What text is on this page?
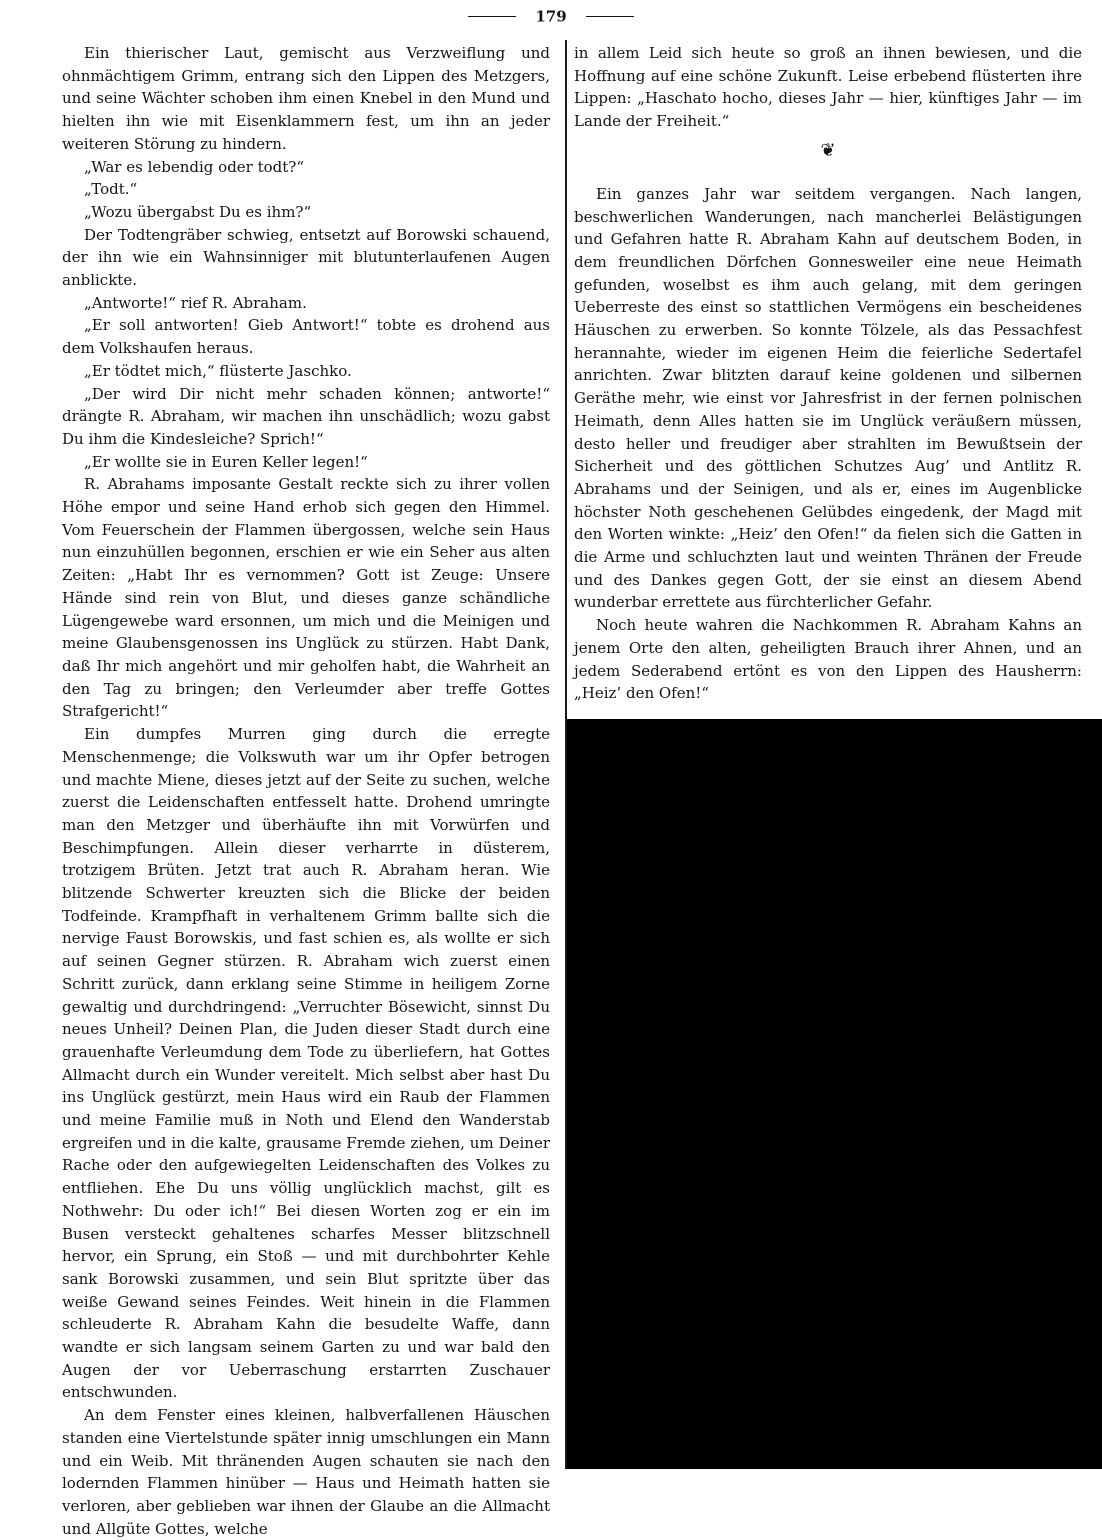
179

Ein thierischer Laut, gemischt aus Verzweiflung und ohnmächtigem Grimm, entrang sich den Lippen des Metzgers, und seine Wächter schoben ihm einen Knebel in den Mund und hielten ihn wie mit Eisenklammern fest, um ihn an jeder weiteren Störung zu hindern.

„War es lebendig oder todt?“

„Todt.“

„Wozu übergabst Du es ihm?“

Der Todtengräber schwieg, entsetzt auf Borowski schauend, der ihn wie ein Wahnsinniger mit blutunterlaufenen Augen anblickte.

„Antworte!“ rief R. Abraham.

„Er soll antworten! Gieb Antwort!“ tobte es drohend aus dem Volkshaufen heraus.

„Er tödtet mich,“ flüsterte Jaschko.

„Der wird Dir nicht mehr schaden können; antworte!“ drängte R. Abraham, wir machen ihn unschädlich; wozu gabst Du ihm die Kindesleiche? Sprich!“

„Er wollte sie in Euren Keller legen!“

R. Abrahams imposante Gestalt reckte sich zu ihrer vollen Höhe empor und seine Hand erhob sich gegen den Himmel. Vom Feuerschein der Flammen übergossen, welche sein Haus nun einzuhüllen begonnen, erschien er wie ein Seher aus alten Zeiten: „Habt Ihr es vernommen? Gott ist Zeuge: Unsere Hände sind rein von Blut, und dieses ganze schändliche Lügengewebe ward ersonnen, um mich und die Meinigen und meine Glaubensgenossen ins Unglück zu stürzen. Habt Dank, daß Ihr mich angehört und mir geholfen habt, die Wahrheit an den Tag zu bringen; den Verleumder aber treffe Gottes Strafgericht!“

Ein dumpfes Murren ging durch die erregte Menschenmenge; die Volkswuth war um ihr Opfer betrogen und machte Miene, dieses jetzt auf der Seite zu suchen, welche zuerst die Leidenschaften entfesselt hatte. Drohend umringte man den Metzger und überhäufte ihn mit Vorwürfen und Beschimpfungen. Allein dieser verharrte in düsterem, trotzigem Brüten. Jetzt trat auch R. Abraham heran. Wie blitzende Schwerter kreuzten sich die Blicke der beiden Todfeinde. Krampfhaft in verhaltenem Grimm ballte sich die nervige Faust Borowskis, und fast schien es, als wollte er sich auf seinen Gegner stürzen. R. Abraham wich zuerst einen Schritt zurück, dann erklang seine Stimme in heiligem Zorne gewaltig und durchdringend: „Verruchter Bösewicht, sinnst Du neues Unheil? Deinen Plan, die Juden dieser Stadt durch eine grauenhafte Verleumdung dem Tode zu überliefern, hat Gottes Allmacht durch ein Wunder vereitelt. Mich selbst aber hast Du ins Unglück gestürzt, mein Haus wird ein Raub der Flammen und meine Familie muß in Noth und Elend den Wanderstab ergreifen und in die kalte, grausame Fremde ziehen, um Deiner Rache oder den aufgewiegelten Leidenschaften des Volkes zu entfliehen. Ehe Du uns völlig unglücklich machst, gilt es Nothwehr: Du oder ich!“ Bei diesen Worten zog er ein im Busen versteckt gehaltenes scharfes Messer blitzschnell hervor, ein Sprung, ein Stoß — und mit durchbohrter Kehle sank Borowski zusammen, und sein Blut spritzte über das weiße Gewand seines Feindes. Weit hinein in die Flammen schleuderte R. Abraham Kahn die besudelte Waffe, dann wandte er sich langsam seinem Garten zu und war bald den Augen der vor Ueberraschung erstarrten Zuschauer entschwunden.

An dem Fenster eines kleinen, halbverfallenen Häuschen standen eine Viertelstunde später innig umschlungen ein Mann und ein Weib. Mit thränenden Augen schauten sie nach den lodernden Flammen hinüber — Haus und Heimath hatten sie verloren, aber geblieben war ihnen der Glaube an die Allmacht und Allgüte Gottes, welche

in allem Leid sich heute so groß an ihnen bewiesen, und die Hoffnung auf eine schöne Zukunft. Leise erbebend flüsterten ihre Lippen: „Haschato hocho, dieses Jahr — hier, künftiges Jahr — im Lande der Freiheit.“

❦

Ein ganzes Jahr war seitdem vergangen. Nach langen, beschwerlichen Wanderungen, nach mancherlei Belästigungen und Gefahren hatte R. Abraham Kahn auf deutschem Boden, in dem freundlichen Dörfchen Gonnesweiler eine neue Heimath gefunden, woselbst es ihm auch gelang, mit dem geringen Ueberreste des einst so stattlichen Vermögens ein bescheidenes Häuschen zu erwerben. So konnte Tölzele, als das Pessachfest herannahte, wieder im eigenen Heim die feierliche Sedertafel anrichten. Zwar blitzten darauf keine goldenen und silbernen Geräthe mehr, wie einst vor Jahresfrist in der fernen polnischen Heimath, denn Alles hatten sie im Unglück veräußern müssen, desto heller und freudiger aber strahlten im Bewußtsein der Sicherheit und des göttlichen Schutzes Aug’ und Antlitz R. Abrahams und der Seinigen, und als er, eines im Augenblicke höchster Noth geschehenen Gelübdes eingedenk, der Magd mit den Worten winkte: „Heiz’ den Ofen!“ da fielen sich die Gatten in die Arme und schluchzten laut und weinten Thränen der Freude und des Dankes gegen Gott, der sie einst an diesem Abend wunderbar errettete aus fürchterlicher Gefahr.

Noch heute wahren die Nachkommen R. Abraham Kahns an jenem Orte den alten, geheiligten Brauch ihrer Ahnen, und an jedem Sederabend ertönt es von den Lippen des Hausherrn: „Heiz’ den Ofen!“
